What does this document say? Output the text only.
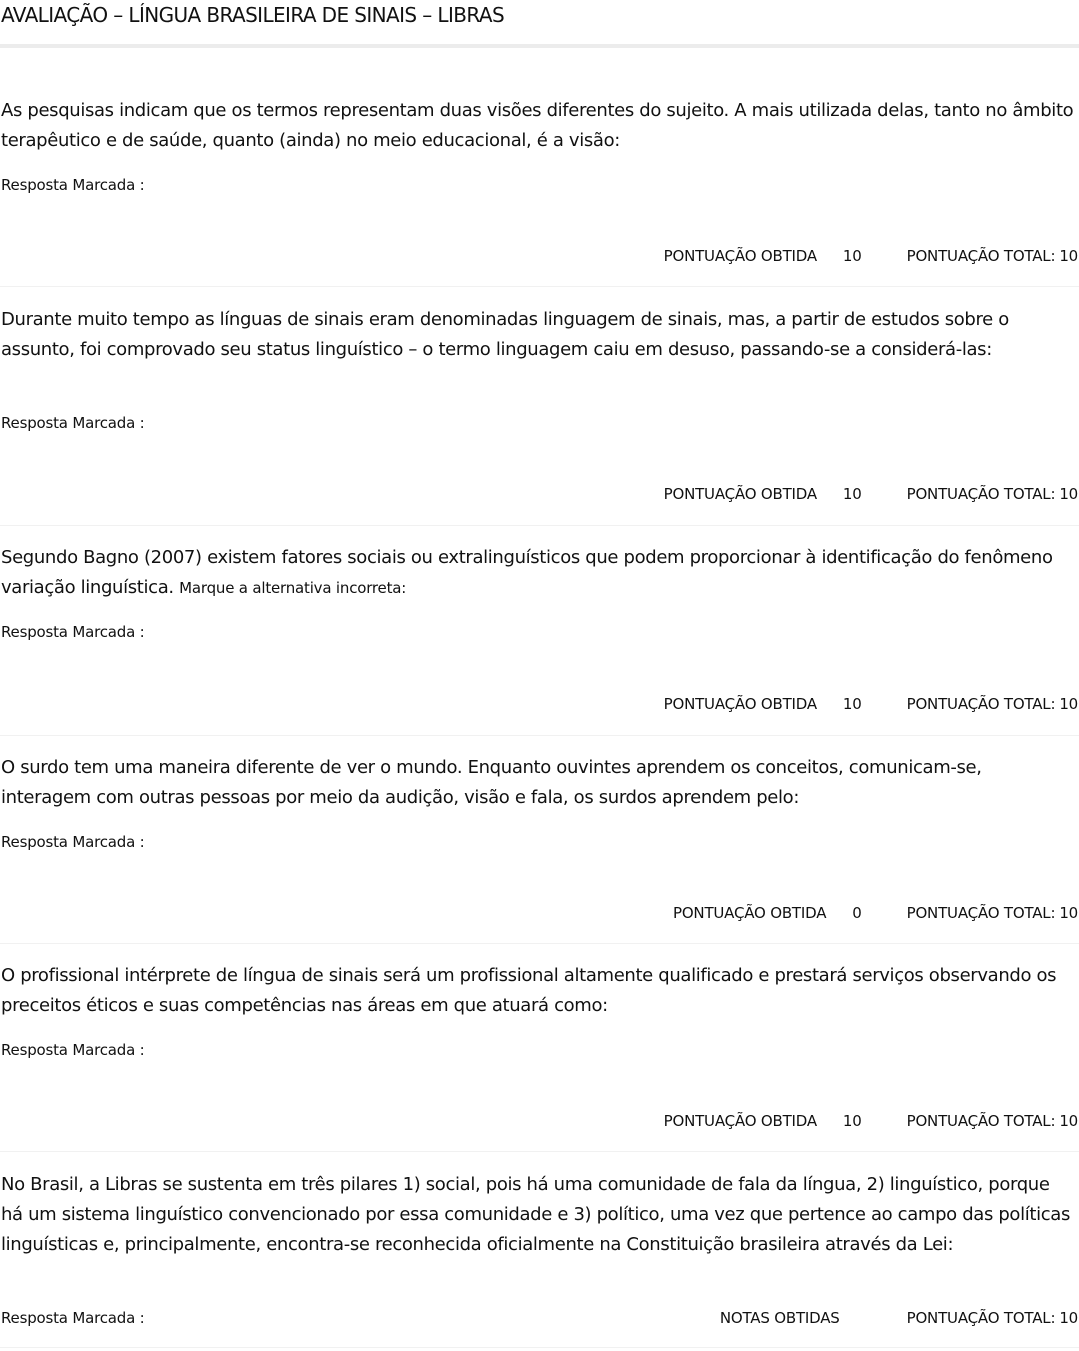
AVALIAÇÃO – LÍNGUA BRASILEIRA DE SINAIS – LIBRAS
As pesquisas indicam que os termos representam duas visões diferentes do sujeito. A mais utilizada delas, tanto no âmbito terapêutico e de saúde, quanto (ainda) no meio educacional, é a visão:
Resposta Marcada :
PONTUAÇÃO OBTIDA 10	PONTUAÇÃO TOTAL: 10
Durante muito tempo as línguas de sinais eram denominadas linguagem de sinais, mas, a partir de estudos sobre o assunto, foi comprovado seu status linguístico – o termo linguagem caiu em desuso, passando-se a considerá-las:
Resposta Marcada :
PONTUAÇÃO OBTIDA 10	PONTUAÇÃO TOTAL: 10
Segundo Bagno (2007) existem fatores sociais ou extralinguísticos que podem proporcionar à identificação do fenômeno variação linguística. Marque a alternativa incorreta:
Resposta Marcada :
PONTUAÇÃO OBTIDA 10	PONTUAÇÃO TOTAL: 10
O surdo tem uma maneira diferente de ver o mundo. Enquanto ouvintes aprendem os conceitos, comunicam-se, interagem com outras pessoas por meio da audição, visão e fala, os surdos aprendem pelo:
Resposta Marcada :
PONTUAÇÃO OBTIDA 0	PONTUAÇÃO TOTAL: 10
O profissional intérprete de língua de sinais será um profissional altamente qualificado e prestará serviços observando os preceitos éticos e suas competências nas áreas em que atuará como:
Resposta Marcada :
PONTUAÇÃO OBTIDA 10	PONTUAÇÃO TOTAL: 10
No Brasil, a Libras se sustenta em três pilares 1) social, pois há uma comunidade de fala da língua, 2) linguístico, porque há um sistema linguístico convencionado por essa comunidade e 3) político, uma vez que pertence ao campo das políticas linguísticas e, principalmente, encontra-se reconhecida oficialmente na Constituição brasileira através da Lei:
Resposta Marcada :	NOTAS OBTIDAS	PONTUAÇÃO TOTAL: 10
